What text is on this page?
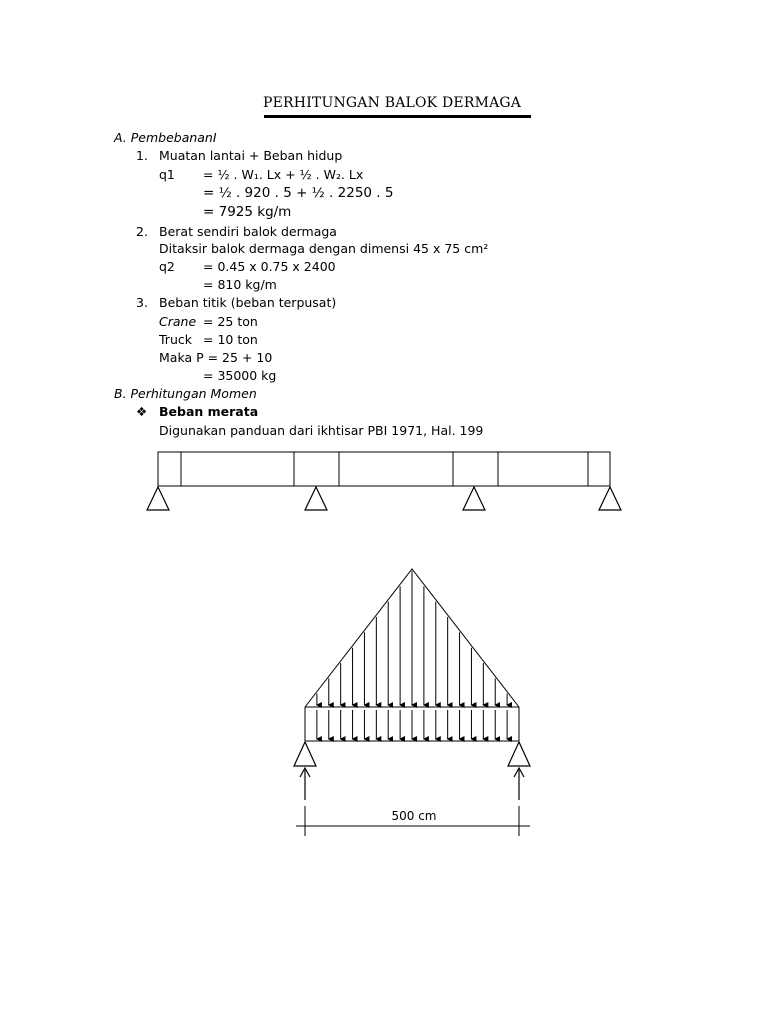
PERHITUNGAN BALOK DERMAGA
A. PembebananI
1. Muatan lantai + Beban hidup
q1 = ½ . W₁. Lx + ½ . W₂. Lx
= ½ . 920 . 5 + ½ . 2250 . 5
= 7925 kg/m
2. Berat sendiri balok dermaga
Ditaksir balok dermaga dengan dimensi 45 x 75 cm²
q2 = 0.45 x 0.75 x 2400
= 810 kg/m
3. Beban titik (beban terpusat)
Crane = 25 ton
Truck = 10 ton
Maka P = 25 + 10
= 35000 kg
B. Perhitungan Momen
❖ Beban merata
Digunakan panduan dari ikhtisar PBI 1971, Hal. 199
500 cm
